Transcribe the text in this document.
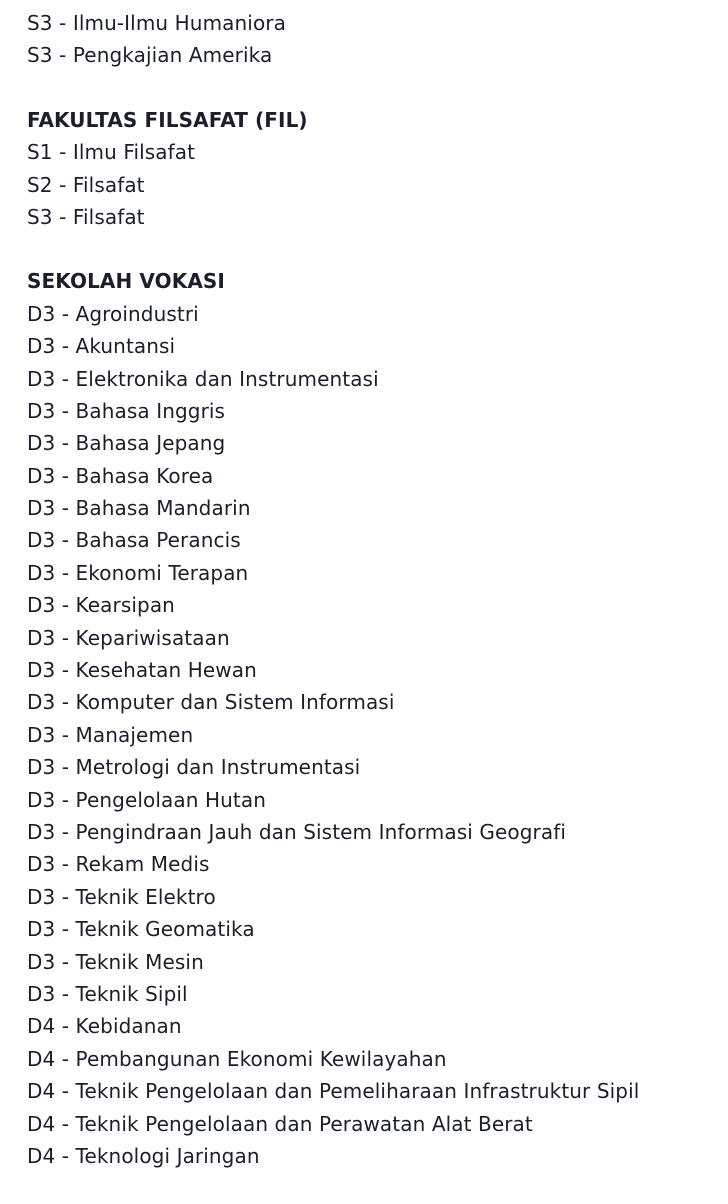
S3 - Ilmu-Ilmu Humaniora
S3 - Pengkajian Amerika
FAKULTAS FILSAFAT (FIL)
S1 - Ilmu Filsafat
S2 - Filsafat
S3 - Filsafat
SEKOLAH VOKASI
D3 - Agroindustri
D3 - Akuntansi
D3 - Elektronika dan Instrumentasi
D3 - Bahasa Inggris
D3 - Bahasa Jepang
D3 - Bahasa Korea
D3 - Bahasa Mandarin
D3 - Bahasa Perancis
D3 - Ekonomi Terapan
D3 - Kearsipan
D3 - Kepariwisataan
D3 - Kesehatan Hewan
D3 - Komputer dan Sistem Informasi
D3 - Manajemen
D3 - Metrologi dan Instrumentasi
D3 - Pengelolaan Hutan
D3 - Pengindraan Jauh dan Sistem Informasi Geografi
D3 - Rekam Medis
D3 - Teknik Elektro
D3 - Teknik Geomatika
D3 - Teknik Mesin
D3 - Teknik Sipil
D4 - Kebidanan
D4 - Pembangunan Ekonomi Kewilayahan
D4 - Teknik Pengelolaan dan Pemeliharaan Infrastruktur Sipil
D4 - Teknik Pengelolaan dan Perawatan Alat Berat
D4 - Teknologi Jaringan
